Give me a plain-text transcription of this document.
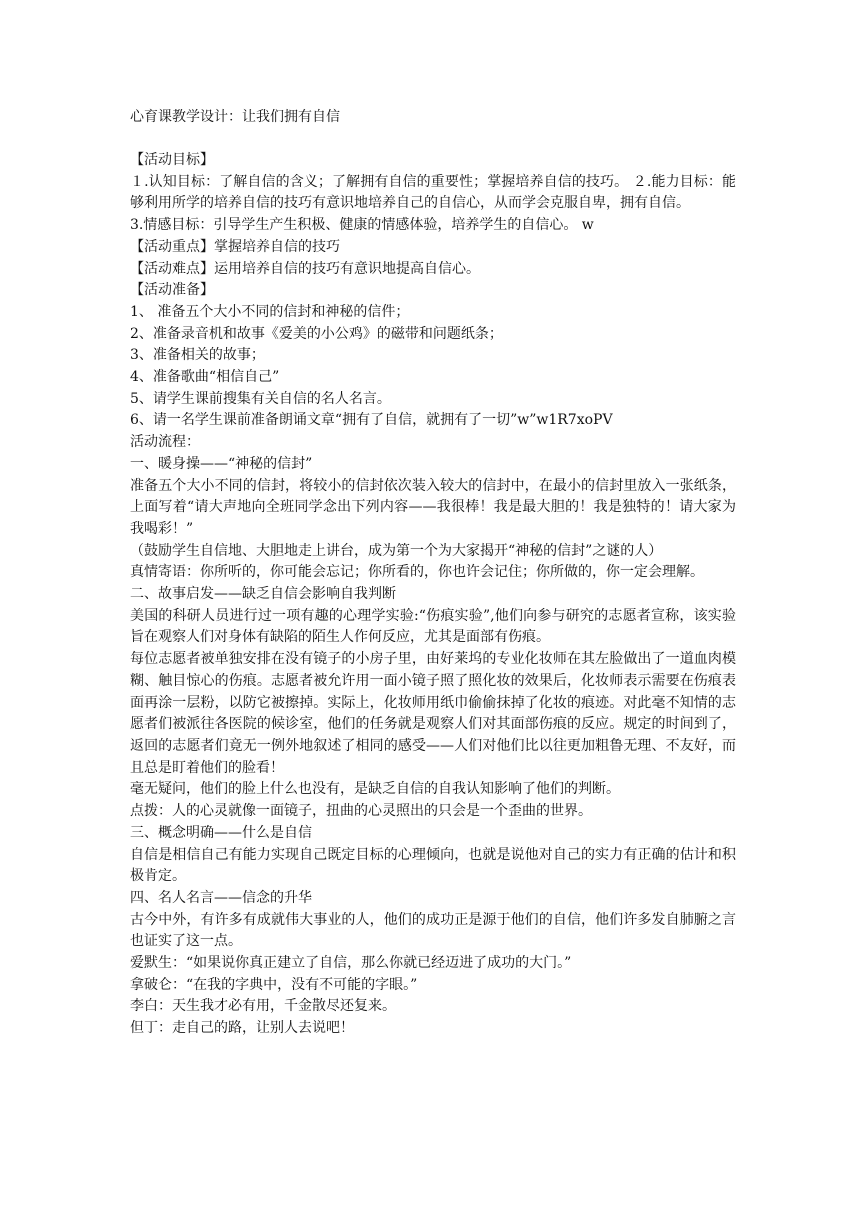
心育课教学设计：让我们拥有自信

【活动目标】

１.认知目标：了解自信的含义；了解拥有自信的重要性；掌握培养自信的技巧。 ２.能力目标：能够利用所学的培养自信的技巧有意识地培养自己的自信心，从而学会克服自卑，拥有自信。

3.情感目标：引导学生产生积极、健康的情感体验，培养学生的自信心。 w

【活动重点】掌握培养自信的技巧

【活动难点】运用培养自信的技巧有意识地提高自信心。

【活动准备】

1、 准备五个大小不同的信封和神秘的信件；

2、准备录音机和故事《爱美的小公鸡》的磁带和问题纸条；

3、准备相关的故事；

4、准备歌曲“相信自己”

5、请学生课前搜集有关自信的名人名言。

6、请一名学生课前准备朗诵文章“拥有了自信，就拥有了一切”w”w1R7xoPV

活动流程：

一、暖身操——“神秘的信封”

准备五个大小不同的信封，将较小的信封依次装入较大的信封中，在最小的信封里放入一张纸条，上面写着“请大声地向全班同学念出下列内容——我很棒！我是最大胆的！我是独特的！请大家为我喝彩！”

（鼓励学生自信地、大胆地走上讲台，成为第一个为大家揭开“神秘的信封”之谜的人）

真情寄语：你所听的，你可能会忘记；你所看的，你也许会记住；你所做的，你一定会理解。

二、故事启发——缺乏自信会影响自我判断

美国的科研人员进行过一项有趣的心理学实验:“伤痕实验”,他们向参与研究的志愿者宣称，该实验旨在观察人们对身体有缺陷的陌生人作何反应，尤其是面部有伤痕。

每位志愿者被单独安排在没有镜子的小房子里，由好莱坞的专业化妆师在其左脸做出了一道血肉模糊、触目惊心的伤痕。志愿者被允许用一面小镜子照了照化妆的效果后，化妆师表示需要在伤痕表面再涂一层粉，以防它被擦掉。实际上，化妆师用纸巾偷偷抹掉了化妆的痕迹。对此毫不知情的志愿者们被派往各医院的候诊室，他们的任务就是观察人们对其面部伤痕的反应。规定的时间到了，返回的志愿者们竟无一例外地叙述了相同的感受——人们对他们比以往更加粗鲁无理、不友好，而且总是盯着他们的脸看！

毫无疑问，他们的脸上什么也没有，是缺乏自信的自我认知影响了他们的判断。

点拨：人的心灵就像一面镜子，扭曲的心灵照出的只会是一个歪曲的世界。

三、概念明确——什么是自信

自信是相信自己有能力实现自己既定目标的心理倾向，也就是说他对自己的实力有正确的估计和积极肯定。

四、名人名言——信念的升华

古今中外，有许多有成就伟大事业的人，他们的成功正是源于他们的自信，他们许多发自肺腑之言也证实了这一点。

爱默生：“如果说你真正建立了自信，那么你就已经迈进了成功的大门。”

拿破仑：“在我的字典中，没有不可能的字眼。”

李白：天生我才必有用，千金散尽还复来。

但丁：走自己的路，让别人去说吧！
